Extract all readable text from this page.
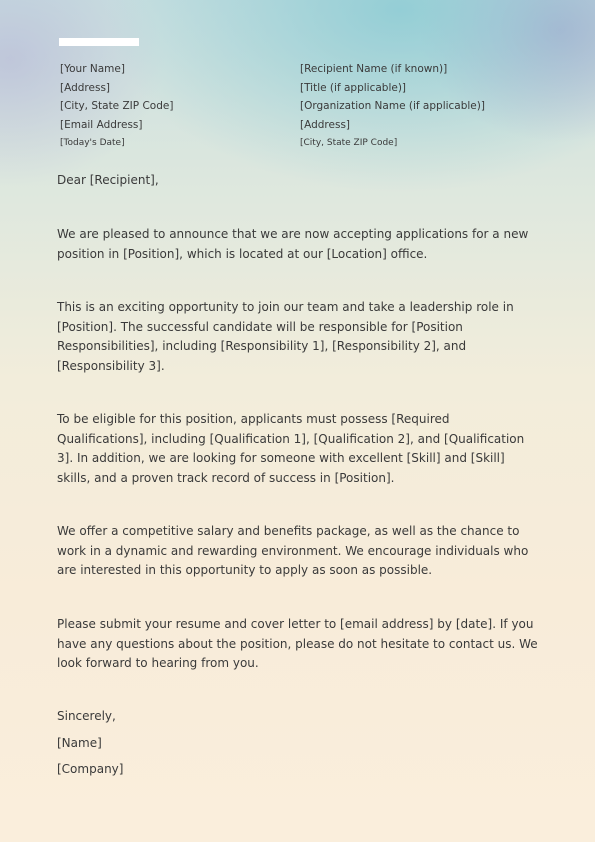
[Your Name]
[Address]
[City, State ZIP Code]
[Email Address]
[Today's Date]
[Recipient Name (if known)]
[Title (if applicable)]
[Organization Name (if applicable)]
[Address]
[City, State ZIP Code]

Dear [Recipient],

We are pleased to announce that we are now accepting applications for a new position in [Position], which is located at our [Location] office.

This is an exciting opportunity to join our team and take a leadership role in [Position]. The successful candidate will be responsible for [Position Responsibilities], including [Responsibility 1], [Responsibility 2], and [Responsibility 3].

To be eligible for this position, applicants must possess [Required Qualifications], including [Qualification 1], [Qualification 2], and [Qualification 3]. In addition, we are looking for someone with excellent [Skill] and [Skill] skills, and a proven track record of success in [Position].

We offer a competitive salary and benefits package, as well as the chance to work in a dynamic and rewarding environment. We encourage individuals who are interested in this opportunity to apply as soon as possible.

Please submit your resume and cover letter to [email address] by [date]. If you have any questions about the position, please do not hesitate to contact us. We look forward to hearing from you.

Sincerely,

[Name]

[Company]
